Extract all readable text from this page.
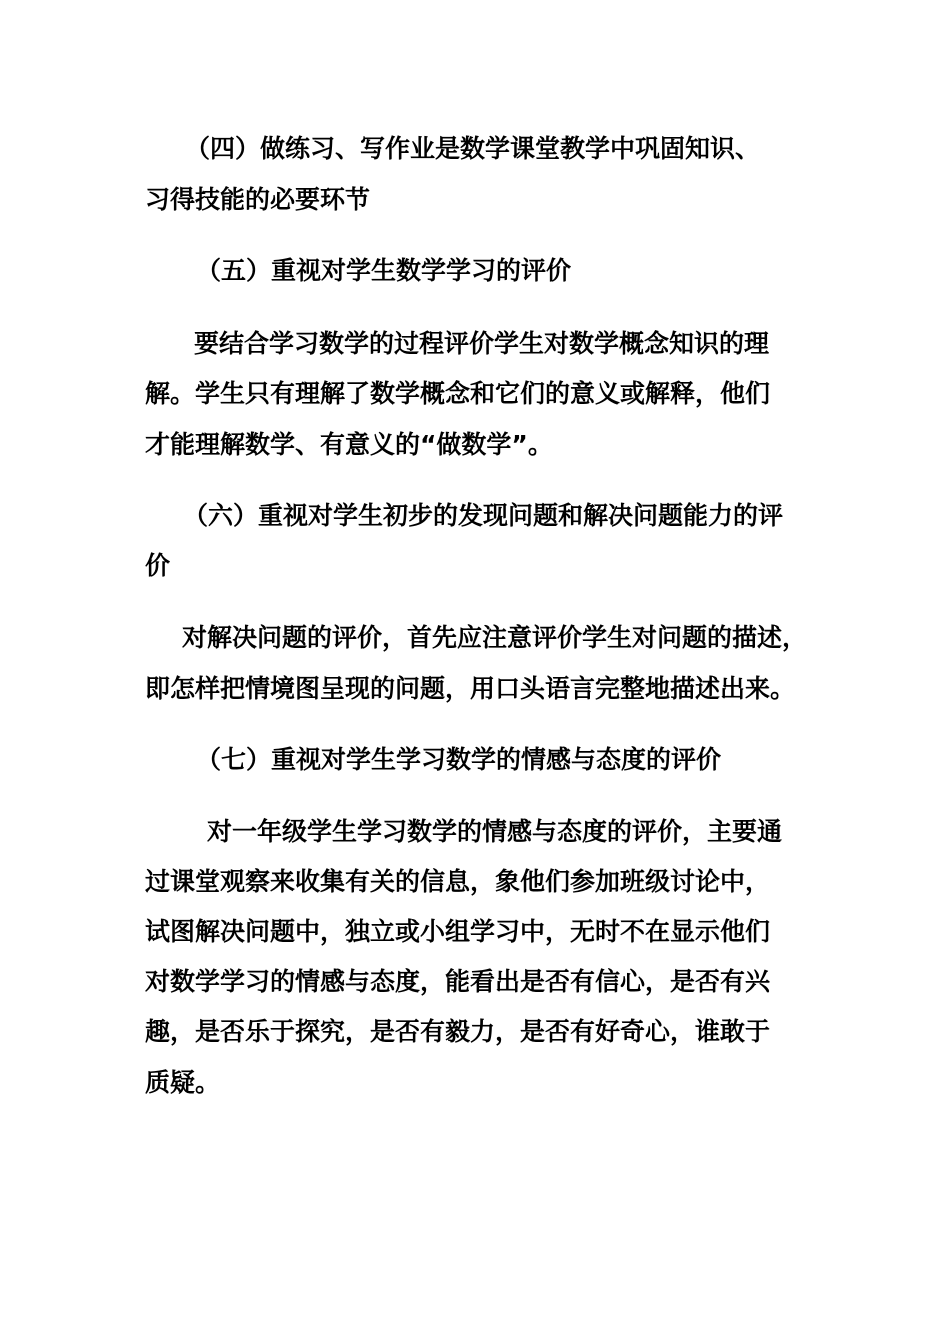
（四）做练习、写作业是数学课堂教学中巩固知识、
习得技能的必要环节
（五）重视对学生数学学习的评价
要结合学习数学的过程评价学生对数学概念知识的理
解。学生只有理解了数学概念和它们的意义或解释，他们
才能理解数学、有意义的“做数学”。
（六）重视对学生初步的发现问题和解决问题能力的评
价
对解决问题的评价，首先应注意评价学生对问题的描述，
即怎样把情境图呈现的问题，用口头语言完整地描述出来。
（七）重视对学生学习数学的情感与态度的评价
对一年级学生学习数学的情感与态度的评价，主要通
过课堂观察来收集有关的信息，象他们参加班级讨论中，
试图解决问题中，独立或小组学习中，无时不在显示他们
对数学学习的情感与态度，能看出是否有信心，是否有兴
趣，是否乐于探究，是否有毅力，是否有好奇心，谁敢于
质疑。
